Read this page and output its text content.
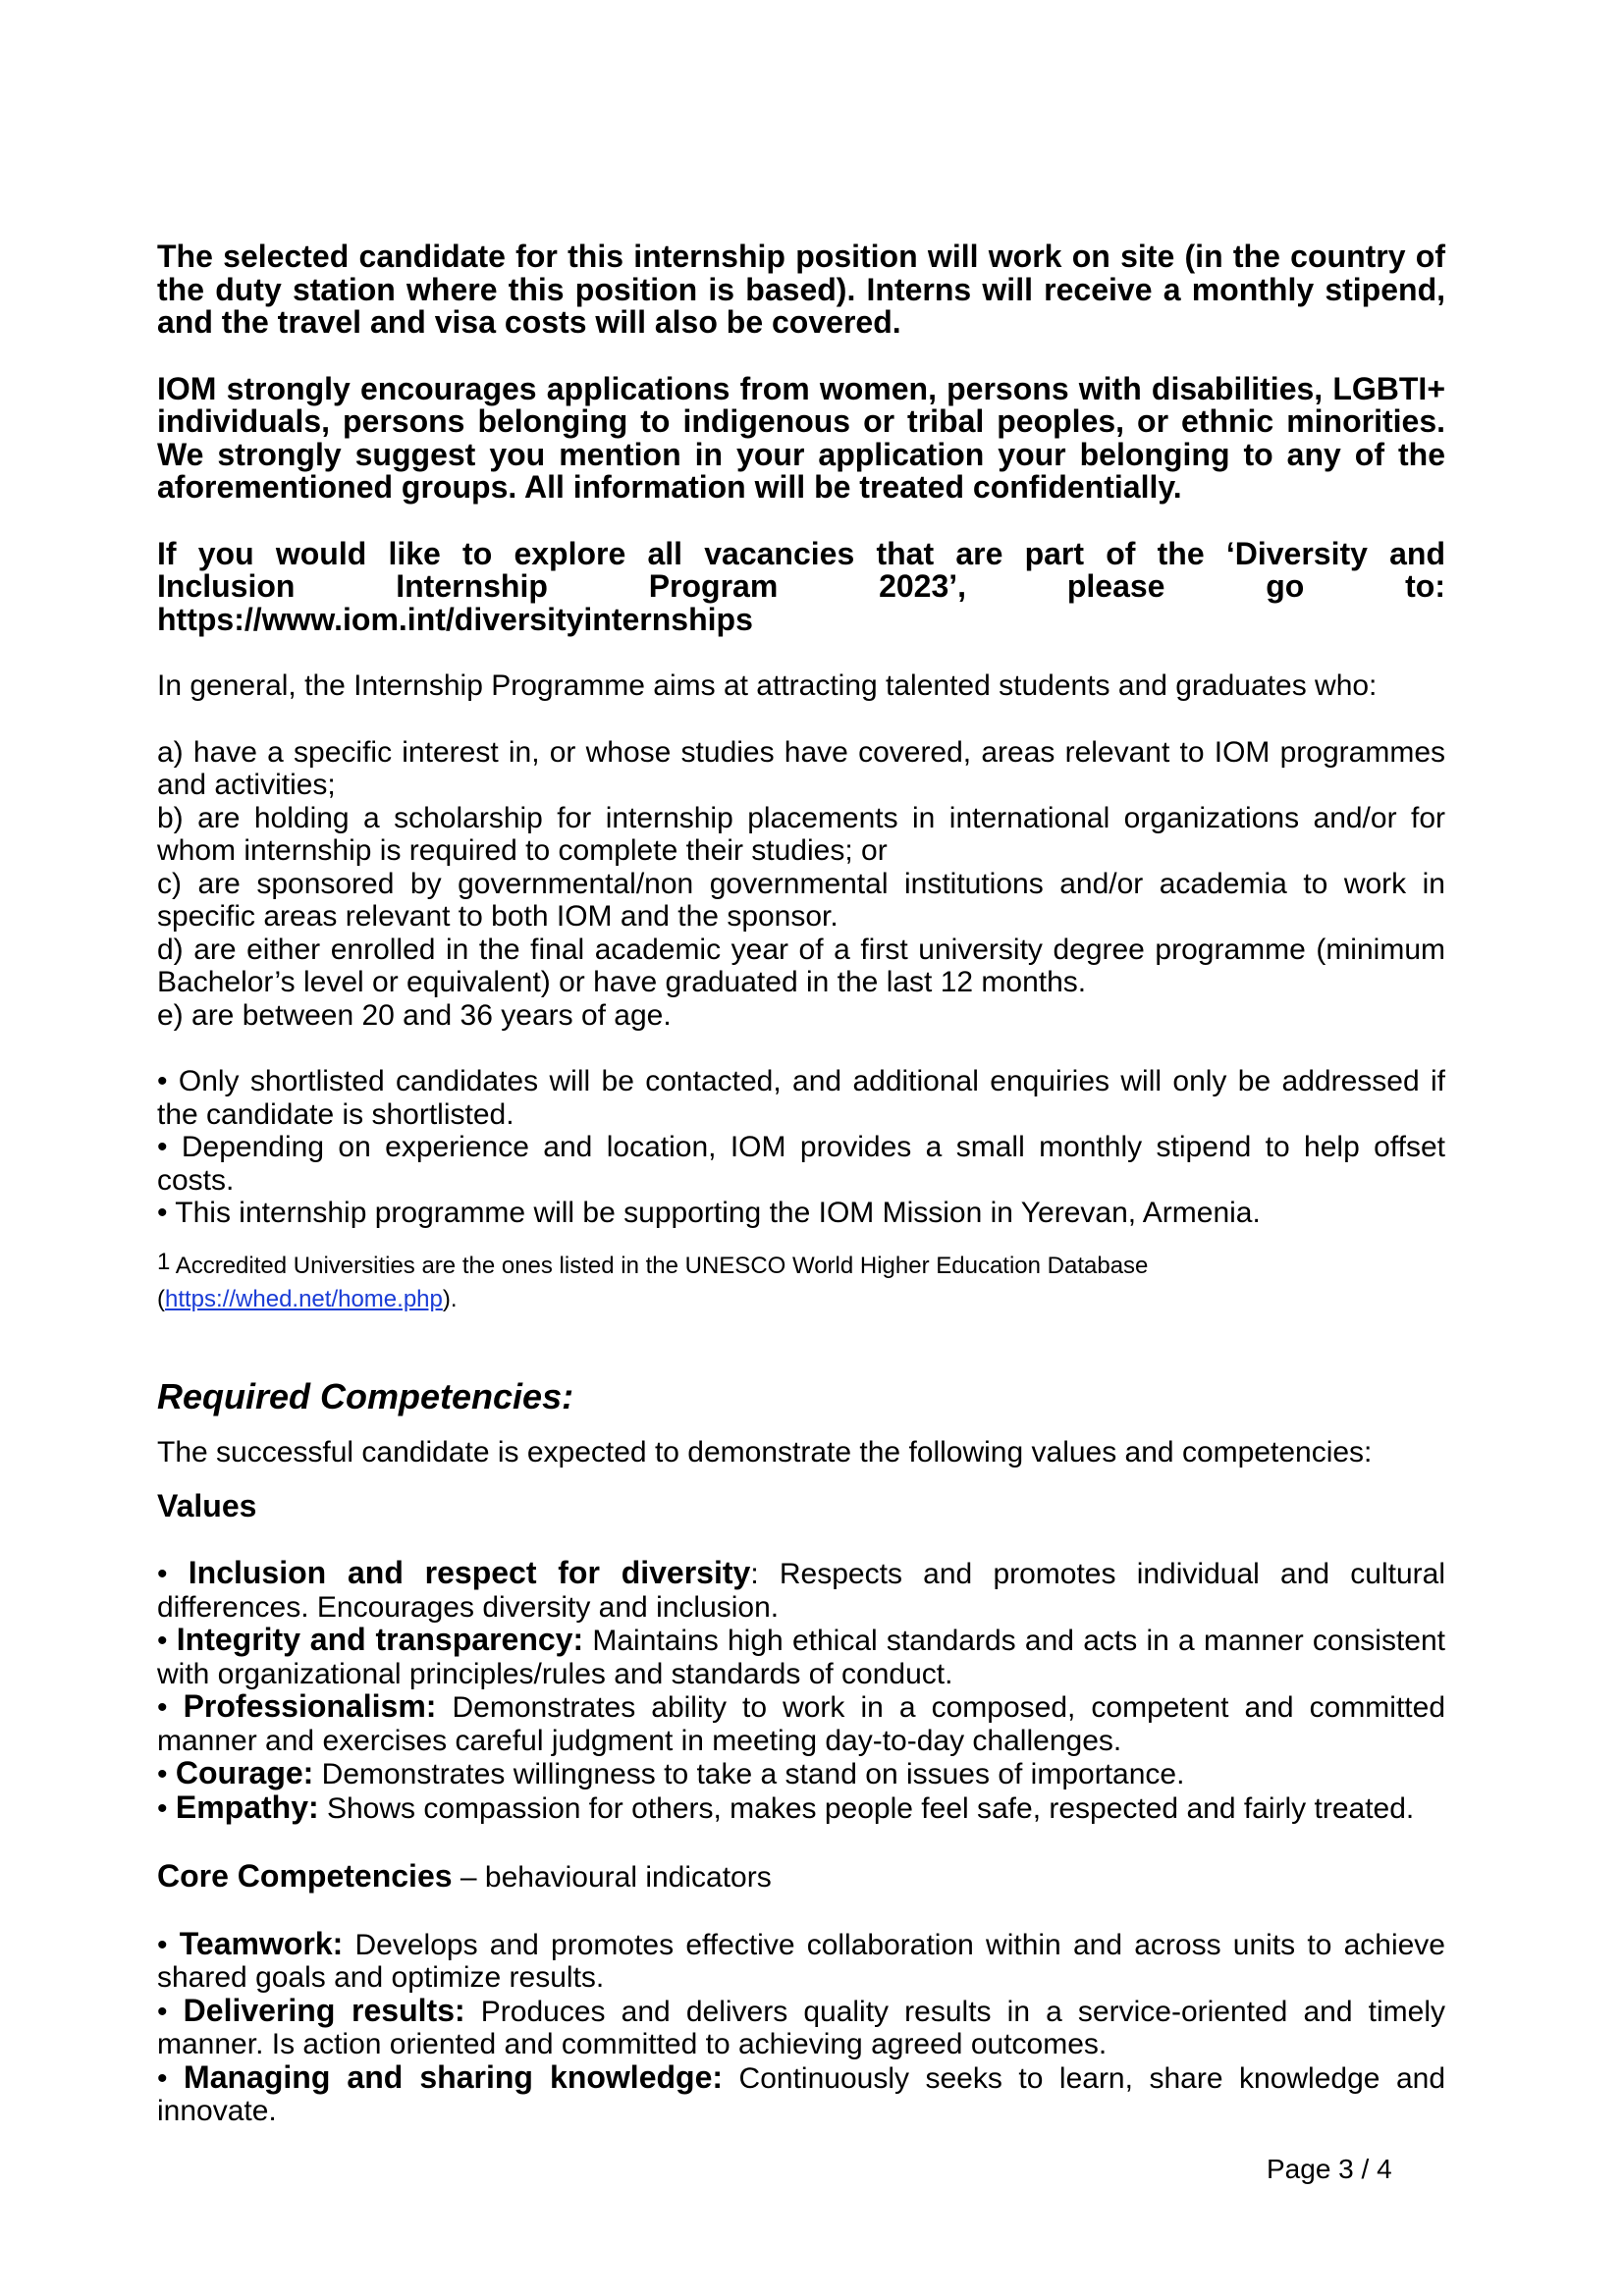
The selected candidate for this internship position will work on site (in the country of the duty station where this position is based). Interns will receive a monthly stipend, and the travel and visa costs will also be covered.

IOM strongly encourages applications from women, persons with disabilities, LGBTI+ individuals, persons belonging to indigenous or tribal peoples, or ethnic minorities. We strongly suggest you mention in your application your belonging to any of the aforementioned groups. All information will be treated confidentially.

If you would like to explore all vacancies that are part of the ‘Diversity and
Inclusion Internship Program 2023’, please go to:
https://www.iom.int/diversityinternships

In general, the Internship Programme aims at attracting talented students and graduates who:

a) have a specific interest in, or whose studies have covered, areas relevant to IOM programmes and activities;

b) are holding a scholarship for internship placements in international organizations and/or for whom internship is required to complete their studies; or

c) are sponsored by governmental/non governmental institutions and/or academia to work in specific areas relevant to both IOM and the sponsor.

d) are either enrolled in the final academic year of a first university degree programme (minimum Bachelor’s level or equivalent) or have graduated in the last 12 months.

e) are between 20 and 36 years of age.

• Only shortlisted candidates will be contacted, and additional enquiries will only be addressed if the candidate is shortlisted.

• Depending on experience and location, IOM provides a small monthly stipend to help offset costs.

• This internship programme will be supporting the IOM Mission in Yerevan, Armenia.

$^1$ Accredited Universities are the ones listed in the UNESCO World Higher Education Database
(https://whed.net/home.php).

Required Competencies:

The successful candidate is expected to demonstrate the following values and competencies:

Values

• Inclusion and respect for diversity: Respects and promotes individual and cultural differences. Encourages diversity and inclusion.

• Integrity and transparency: Maintains high ethical standards and acts in a manner consistent with organizational principles/rules and standards of conduct.

• Professionalism: Demonstrates ability to work in a composed, competent and committed manner and exercises careful judgment in meeting day-to-day challenges.

• Courage: Demonstrates willingness to take a stand on issues of importance.

• Empathy: Shows compassion for others, makes people feel safe, respected and fairly treated.

Core Competencies – behavioural indicators

• Teamwork: Develops and promotes effective collaboration within and across units to achieve shared goals and optimize results.

• Delivering results: Produces and delivers quality results in a service-oriented and timely manner. Is action oriented and committed to achieving agreed outcomes.

• Managing and sharing knowledge: Continuously seeks to learn, share knowledge and innovate.

Page 3 / 4
